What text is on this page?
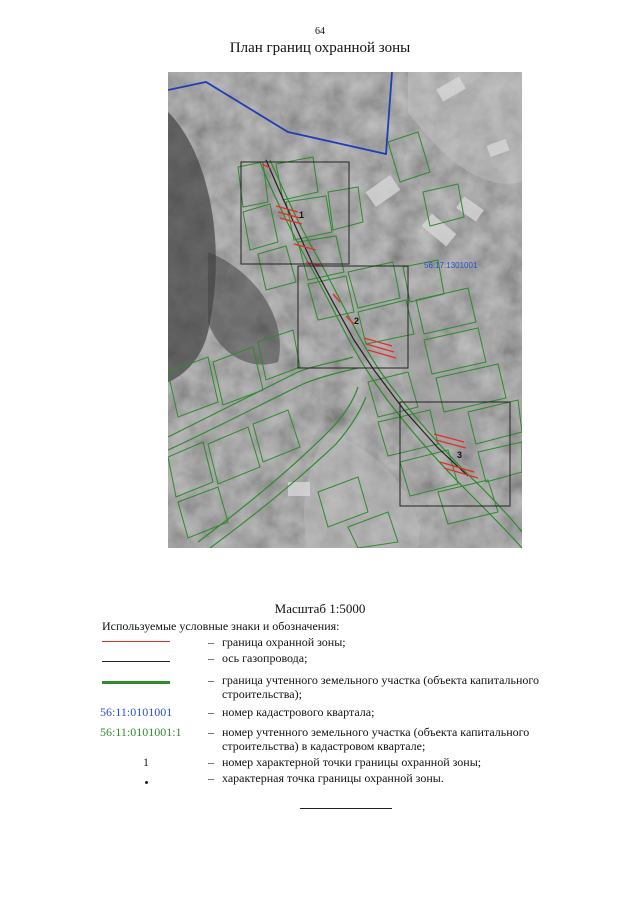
64
План границ охранной зоны
56:17:1301001
1
2
3
Масштаб 1:5000
Используемые условные знаки и обозначения:
– граница охранной зоны;
– ось газопровода;
– граница учтенного земельного участка (объекта капитального строительства);
56:11:0101001	– номер кадастрового квартала;
56:11:0101001:1	– номер учтенного земельного участка (объекта капитального строительства) в кадастровом квартале;
1	– номер характерной точки границы охранной зоны;
– характерная точка границы охранной зоны.
